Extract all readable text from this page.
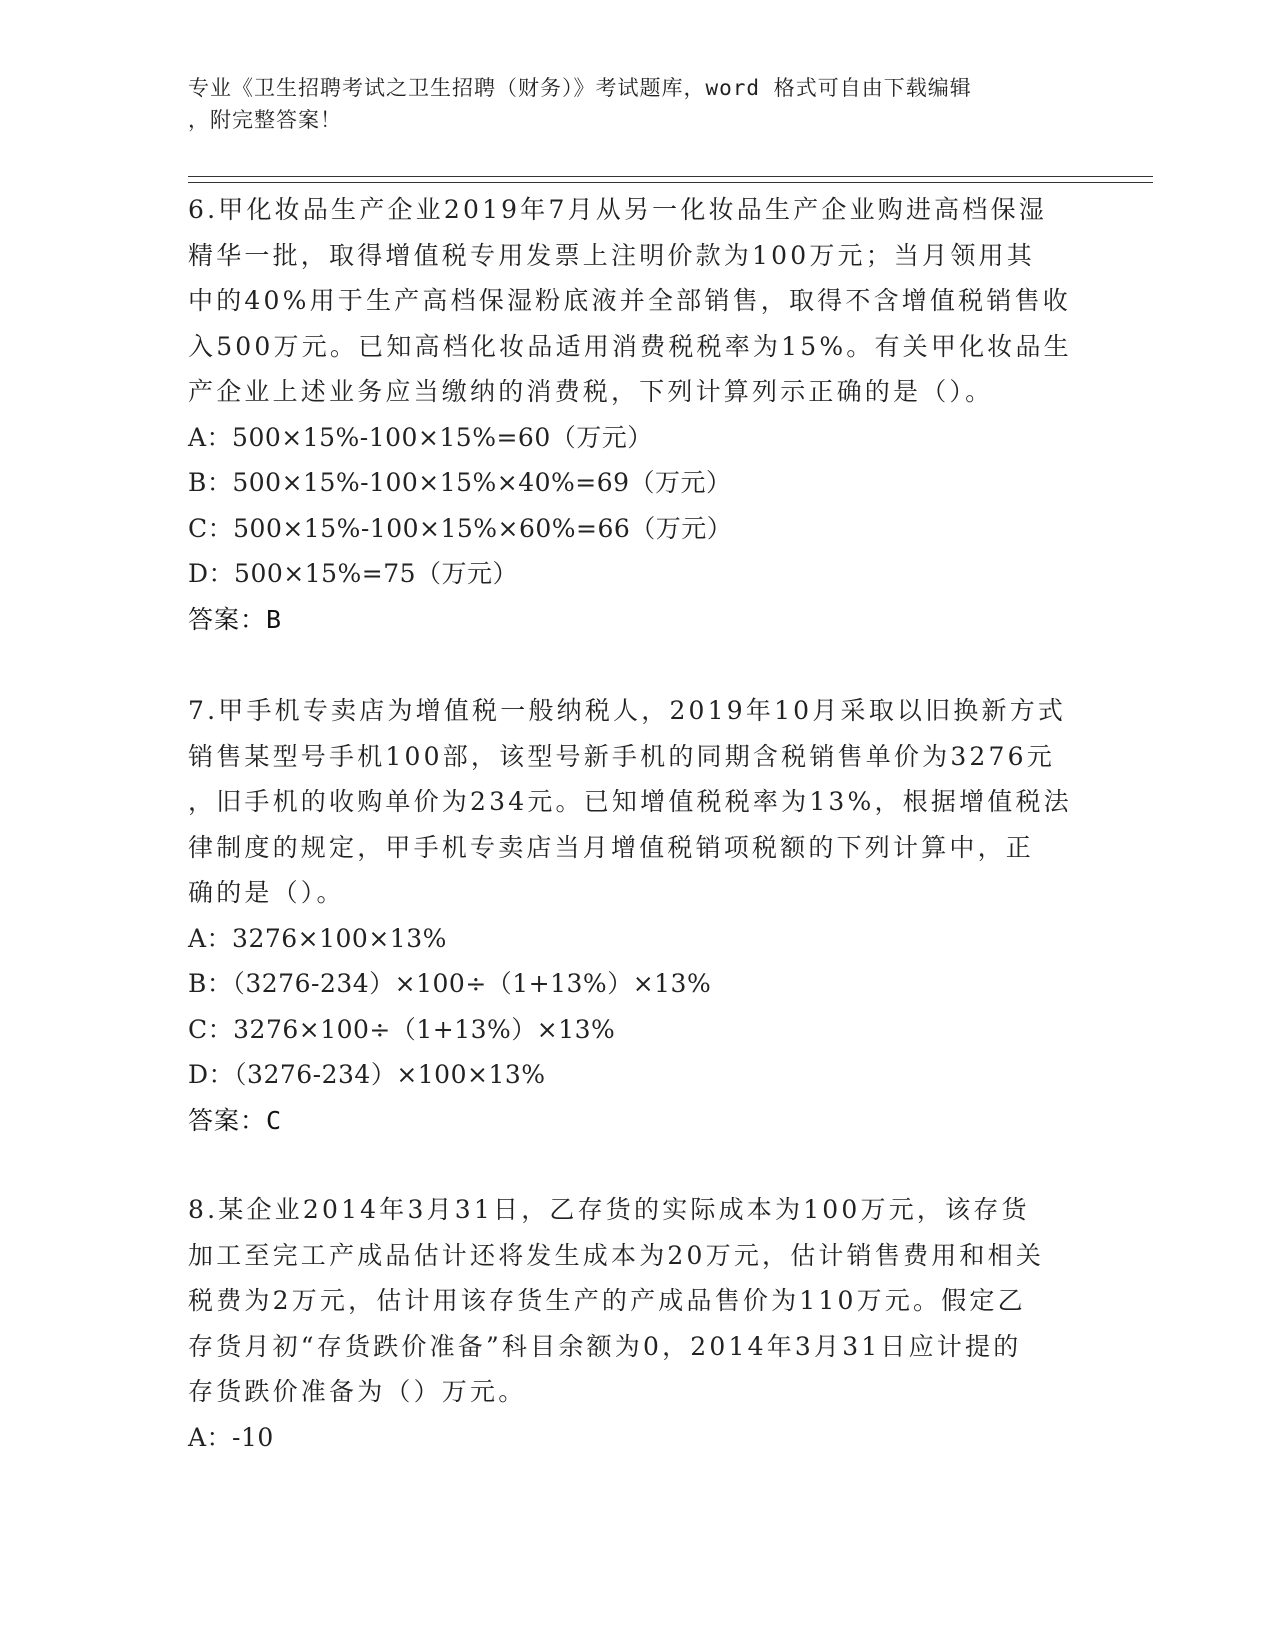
专业《卫生招聘考试之卫生招聘（财务）》考试题库，word 格式可自由下载编辑
，附完整答案！
6.甲化妆品生产企业2019年7月从另一化妆品生产企业购进高档保湿
精华一批，取得增值税专用发票上注明价款为100万元；当月领用其
中的40%用于生产高档保湿粉底液并全部销售，取得不含增值税销售收
入500万元。已知高档化妆品适用消费税税率为15%。有关甲化妆品生
产企业上述业务应当缴纳的消费税，下列计算列示正确的是（）。
A：500×15%-100×15%=60（万元）
B：500×15%-100×15%×40%=69（万元）
C：500×15%-100×15%×60%=66（万元）
D：500×15%=75（万元）
答案：B
7.甲手机专卖店为增值税一般纳税人，2019年10月采取以旧换新方式
销售某型号手机100部，该型号新手机的同期含税销售单价为3276元
，旧手机的收购单价为234元。已知增值税税率为13%，根据增值税法
律制度的规定，甲手机专卖店当月增值税销项税额的下列计算中，正
确的是（）。
A：3276×100×13%
B：（3276-234）×100÷（1+13%）×13%
C：3276×100÷（1+13%）×13%
D：（3276-234）×100×13%
答案：C
8.某企业2014年3月31日，乙存货的实际成本为100万元，该存货
加工至完工产成品估计还将发生成本为20万元，估计销售费用和相关
税费为2万元，估计用该存货生产的产成品售价为110万元。假定乙
存货月初“存货跌价准备”科目余额为0，2014年3月31日应计提的
存货跌价准备为（）万元。
A：-10
